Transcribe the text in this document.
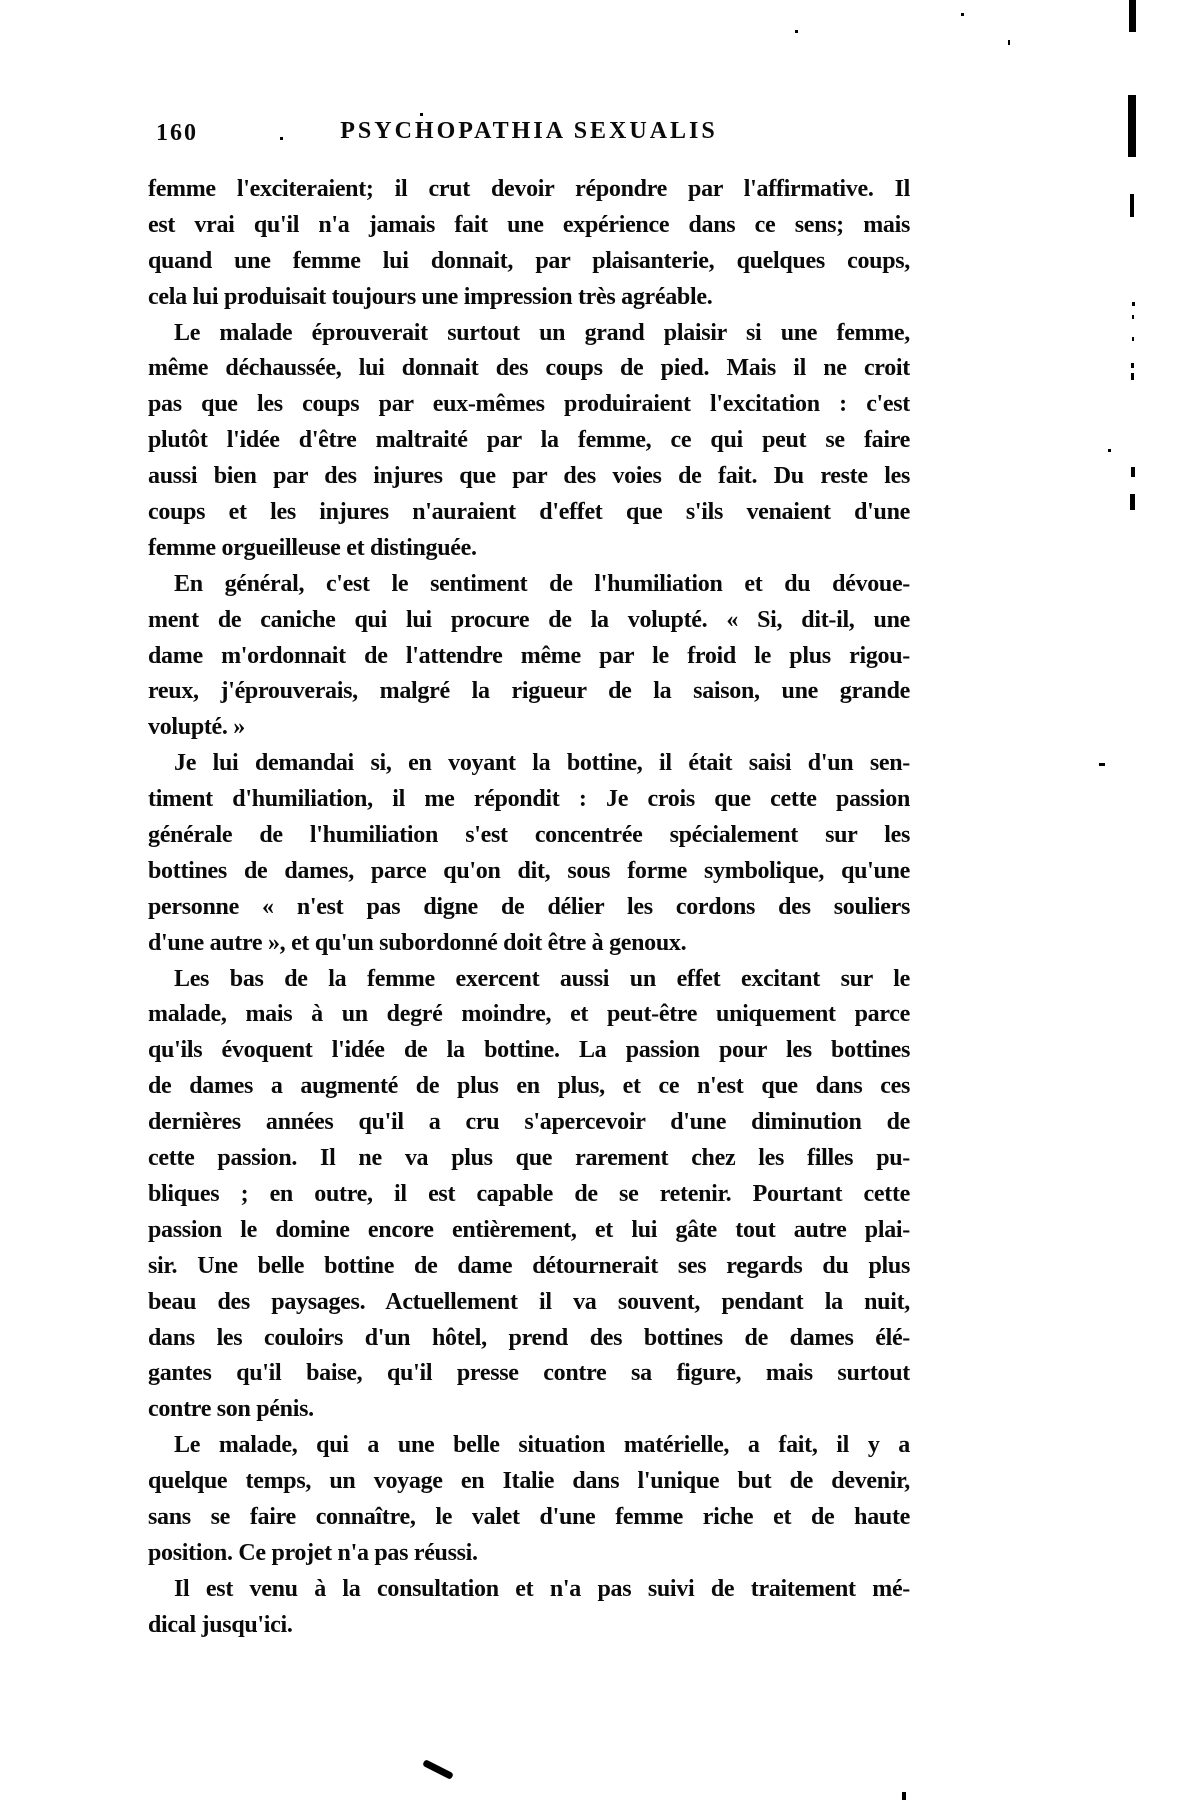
160	PSYCHOPATHIA SEXUALIS
femme l'exciteraient; il crut devoir répondre par l'affirmative. Il
est vrai qu'il n'a jamais fait une expérience dans ce sens; mais
quand une femme lui donnait, par plaisanterie, quelques coups,
cela lui produisait toujours une impression très agréable.
Le malade éprouverait surtout un grand plaisir si une femme,
même déchaussée, lui donnait des coups de pied. Mais il ne croit
pas que les coups par eux-mêmes produiraient l'excitation : c'est
plutôt l'idée d'être maltraité par la femme, ce qui peut se faire
aussi bien par des injures que par des voies de fait. Du reste les
coups et les injures n'auraient d'effet que s'ils venaient d'une
femme orgueilleuse et distinguée.
En général, c'est le sentiment de l'humiliation et du dévoue-
ment de caniche qui lui procure de la volupté. « Si, dit-il, une
dame m'ordonnait de l'attendre même par le froid le plus rigou-
reux, j'éprouverais, malgré la rigueur de la saison, une grande
volupté. »
Je lui demandai si, en voyant la bottine, il était saisi d'un sen-
timent d'humiliation, il me répondit : Je crois que cette passion
générale de l'humiliation s'est concentrée spécialement sur les
bottines de dames, parce qu'on dit, sous forme symbolique, qu'une
personne « n'est pas digne de délier les cordons des souliers
d'une autre », et qu'un subordonné doit être à genoux.
Les bas de la femme exercent aussi un effet excitant sur le
malade, mais à un degré moindre, et peut-être uniquement parce
qu'ils évoquent l'idée de la bottine. La passion pour les bottines
de dames a augmenté de plus en plus, et ce n'est que dans ces
dernières années qu'il a cru s'apercevoir d'une diminution de
cette passion. Il ne va plus que rarement chez les filles pu-
bliques ; en outre, il est capable de se retenir. Pourtant cette
passion le domine encore entièrement, et lui gâte tout autre plai-
sir. Une belle bottine de dame détournerait ses regards du plus
beau des paysages. Actuellement il va souvent, pendant la nuit,
dans les couloirs d'un hôtel, prend des bottines de dames élé-
gantes qu'il baise, qu'il presse contre sa figure, mais surtout
contre son pénis.
Le malade, qui a une belle situation matérielle, a fait, il y a
quelque temps, un voyage en Italie dans l'unique but de devenir,
sans se faire connaître, le valet d'une femme riche et de haute
position. Ce projet n'a pas réussi.
Il est venu à la consultation et n'a pas suivi de traitement mé-
dical jusqu'ici.
